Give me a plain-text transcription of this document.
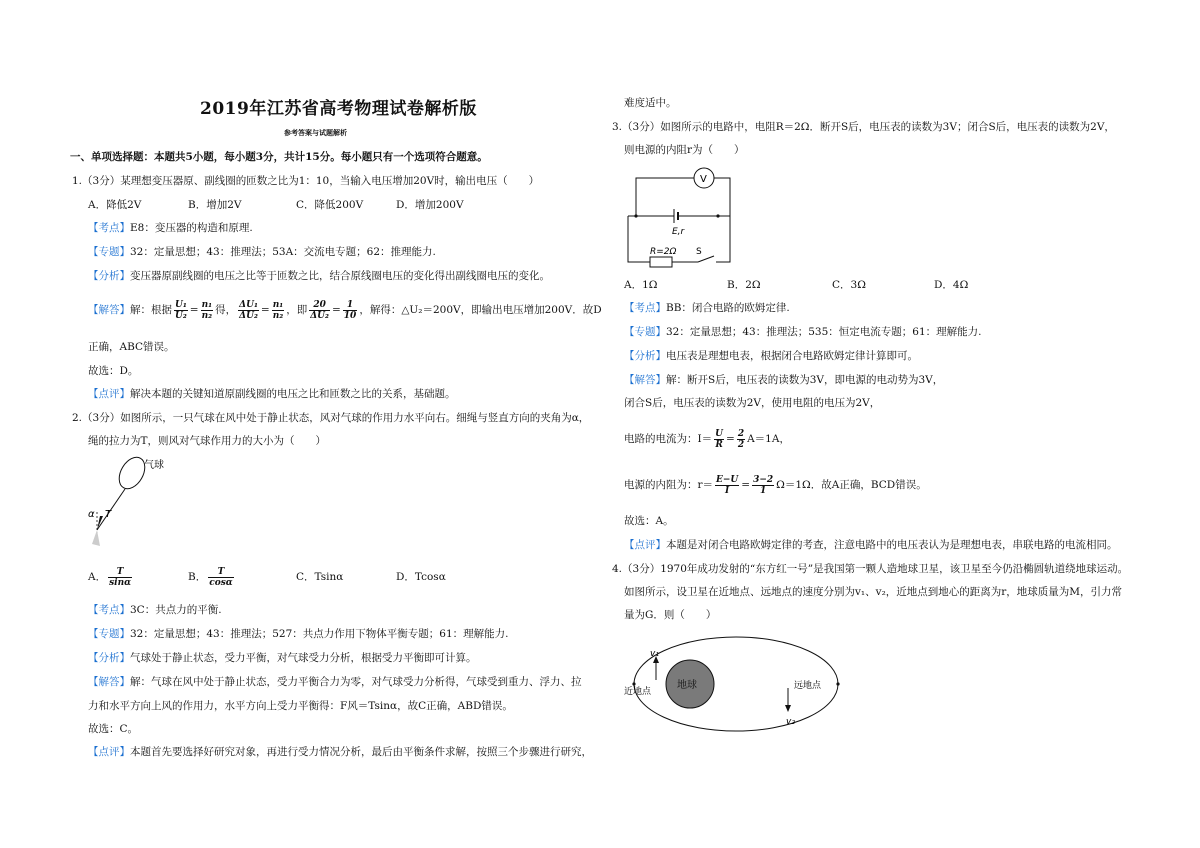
2019年江苏省高考物理试卷解析版
参考答案与试题解析
一、单项选择题：本题共5小题，每小题3分，共计15分。每小题只有一个选项符合题意。
1.（3分）某理想变压器原、副线圈的匝数之比为1：10，当输入电压增加20V时，输出电压（　　）
A．降低2V	B．增加2V	C．降低200V	D．增加200V
【考点】E8：变压器的构造和原理.
【专题】32：定量思想；43：推理法；53A：交流电专题；62：推理能力.
【分析】变压器原副线圈的电压之比等于匝数之比，结合原线圈电压的变化得出副线圈电压的变化。
【解答】解：根据 $\frac{\text{U₁}}{\text{U₂}} = \frac{\text{n₁}}{\text{n₂}}$ 得， $\frac{\text{ΔU₁}}{\text{ΔU₂}} = \frac{\text{n₁}}{\text{n₂}}$ ，即 $\frac{20}{\text{ΔU₂}} = \frac{1}{10}$ ，解得：△U₂＝200V，即输出电压增加200V．故D
正确，ABC错误。
故选：D。
【点评】解决本题的关键知道原副线圈的电压之比和匝数之比的关系，基础题。
2.（3分）如图所示，一只气球在风中处于静止状态，风对气球的作用力水平向右。细绳与竖直方向的夹角为α，
绳的拉力为T，则风对气球作用力的大小为（　　）
气球
α T
A． $\frac{T}{\sin\alpha}$	B． $\frac{T}{\cos\alpha}$	C．Tsinα	D．Tcosα
【考点】3C：共点力的平衡.
【专题】32：定量思想；43：推理法；527：共点力作用下物体平衡专题；61：理解能力.
【分析】气球处于静止状态，受力平衡，对气球受力分析，根据受力平衡即可计算。
【解答】解：气球在风中处于静止状态，受力平衡合力为零，对气球受力分析得，气球受到重力、浮力、拉
力和水平方向上风的作用力，水平方向上受力平衡得：F风＝Tsinα，故C正确，ABD错误。
故选：C。
【点评】本题首先要选择好研究对象，再进行受力情况分析，最后由平衡条件求解，按照三个步骤进行研究，
难度适中。
3.（3分）如图所示的电路中，电阻R＝2Ω．断开S后，电压表的读数为3V；闭合S后，电压表的读数为2V，
则电源的内阻r为（　　）
V
E,r
R=2Ω S
A．1Ω	B．2Ω	C．3Ω	D．4Ω
【考点】BB：闭合电路的欧姆定律.
【专题】32：定量思想；43：推理法；535：恒定电流专题；61：理解能力.
【分析】电压表是理想电表，根据闭合电路欧姆定律计算即可。
【解答】解：断开S后，电压表的读数为3V，即电源的电动势为3V，
闭合S后，电压表的读数为2V，使用电阻的电压为2V，
电路的电流为：$I= \frac{U}{R} = \frac{2}{2} A=1A$，
电源的内阻为：$r= \frac{E-U}{I} = \frac{3-2}{1} \Omega=1\Omega$．故A正确，BCD错误。
故选：A。
【点评】本题是对闭合电路欧姆定律的考查，注意电路中的电压表认为是理想电表，串联电路的电流相同。
4.（3分）1970年成功发射的“东方红一号”是我国第一颗人造地球卫星，该卫星至今仍沿椭圆轨道绕地球运动。
如图所示，设卫星在近地点、远地点的速度分别为v₁、v₂，近地点到地心的距离为r，地球质量为M，引力常
量为G．则（　　）
地球
v₁
v₂
近地点
远地点
